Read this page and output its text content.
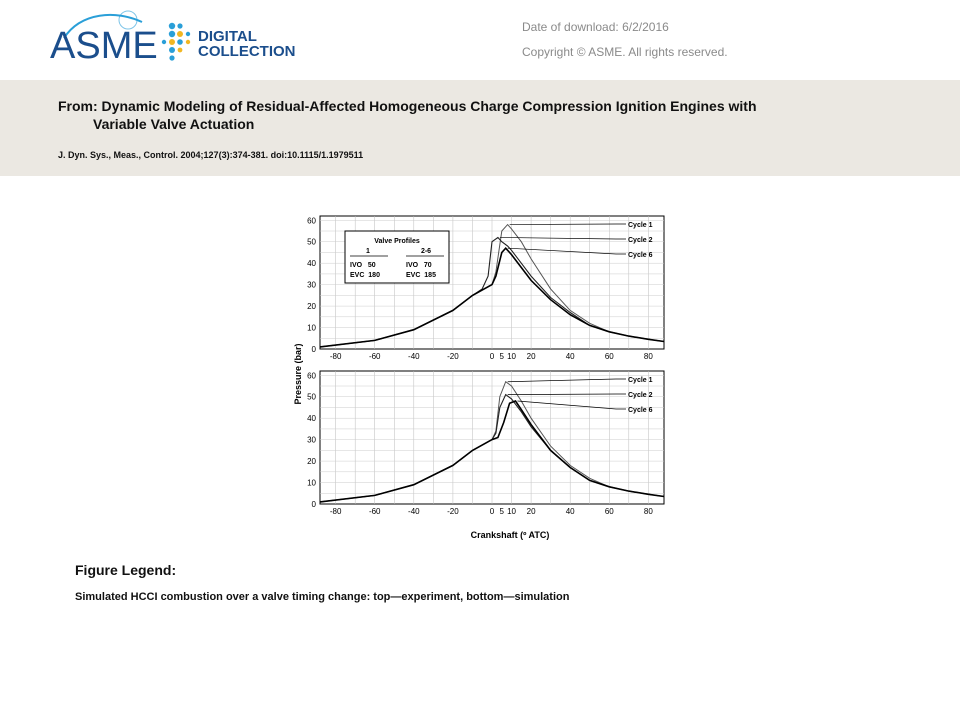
ASME	DIGITAL
COLLECTION
Date of download: 6/2/2016
Copyright © ASME. All rights reserved.
From: Dynamic Modeling of Residual-Affected Homogeneous Charge Compression Ignition Engines with
Variable Valve Actuation
J. Dyn. Sys., Meas., Control. 2004;127(3):374-381. doi:10.1115/1.1979511
0
10
20
30
40
50
60
-80	-60	-40	-20	0 5 10 20	40	60	80
Cycle 1
Cycle 2
Cycle 6
0
10
20
30
40
50
60
-80	-60	-40	-20	0 5 10 20	40	60	80
Cycle 1
Cycle 2
Cycle 6
Valve Profiles
1	2-6
IVO   50
EVC  180
IVO   70
EVC  185
Pressure (bar)
Crankshaft (º ATC)
Figure Legend:
Simulated HCCI combustion over a valve timing change: top—experiment, bottom—simulation
